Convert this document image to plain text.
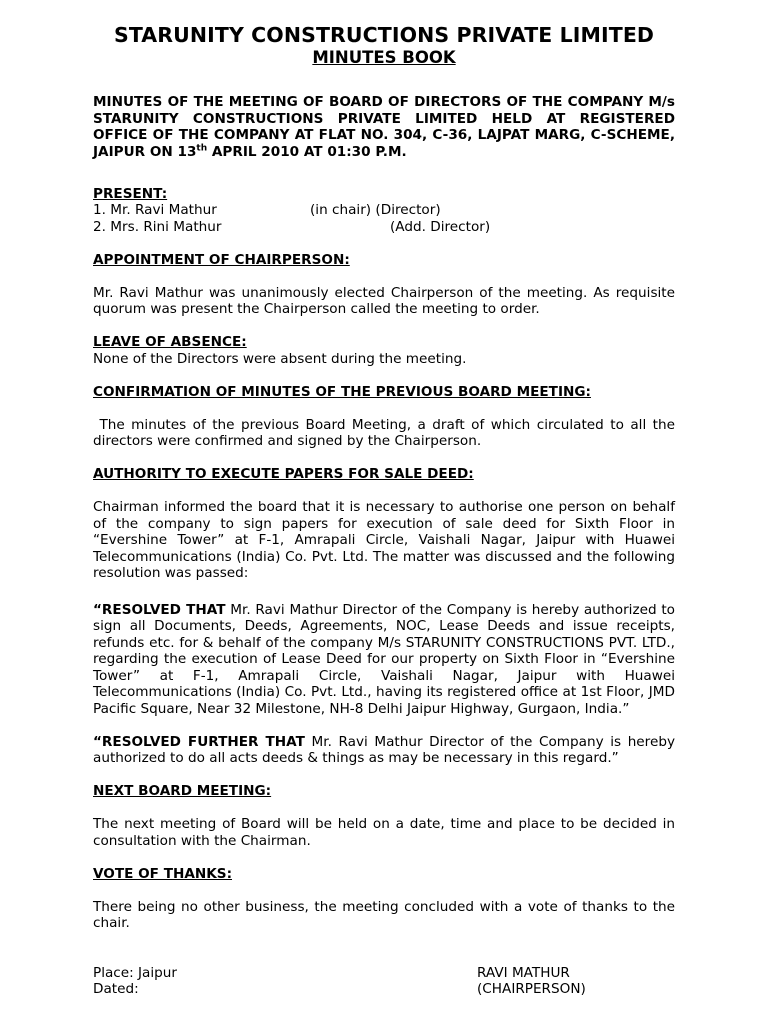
STARUNITY CONSTRUCTIONS PRIVATE LIMITED
MINUTES BOOK
MINUTES OF THE MEETING OF BOARD OF DIRECTORS OF THE COMPANY M/s STARUNITY CONSTRUCTIONS PRIVATE LIMITED HELD AT REGISTERED OFFICE OF THE COMPANY AT FLAT NO. 304, C-36, LAJPAT MARG, C-SCHEME, JAIPUR ON 13th APRIL 2010 AT 01:30 P.M.
PRESENT:
1. Mr. Ravi Mathur	(in chair) (Director)
2. Mrs. Rini Mathur	(Add. Director)
APPOINTMENT OF CHAIRPERSON:

Mr. Ravi Mathur was unanimously elected Chairperson of the meeting. As requisite quorum was present the Chairperson called the meeting to order.

LEAVE OF ABSENCE:

None of the Directors were absent during the meeting.

CONFIRMATION OF MINUTES OF THE PREVIOUS BOARD MEETING:

The minutes of the previous Board Meeting, a draft of which circulated to all the directors were confirmed and signed by the Chairperson.

AUTHORITY TO EXECUTE PAPERS FOR SALE DEED:

Chairman informed the board that it is necessary to authorise one person on behalf of the company to sign papers for execution of sale deed for Sixth Floor in “Evershine Tower” at F-1, Amrapali Circle, Vaishali Nagar, Jaipur with Huawei Telecommunications (India) Co. Pvt. Ltd. The matter was discussed and the following resolution was passed:

“RESOLVED THAT Mr. Ravi Mathur Director of the Company is hereby authorized to sign all Documents, Deeds, Agreements, NOC, Lease Deeds and issue receipts, refunds etc. for & behalf of the company M/s STARUNITY CONSTRUCTIONS PVT. LTD., regarding the execution of Lease Deed for our property on Sixth Floor in “Evershine Tower” at F-1, Amrapali Circle, Vaishali Nagar, Jaipur with Huawei Telecommunications (India) Co. Pvt. Ltd., having its registered office at 1st Floor, JMD Pacific Square, Near 32 Milestone, NH-8 Delhi Jaipur Highway, Gurgaon, India.”

“RESOLVED FURTHER THAT Mr. Ravi Mathur Director of the Company is hereby authorized to do all acts deeds & things as may be necessary in this regard.”

NEXT BOARD MEETING:

The next meeting of Board will be held on a date, time and place to be decided in consultation with the Chairman.

VOTE OF THANKS:

There being no other business, the meeting concluded with a vote of thanks to the chair.

Place: Jaipur
Dated:
RAVI MATHUR
(CHAIRPERSON)
